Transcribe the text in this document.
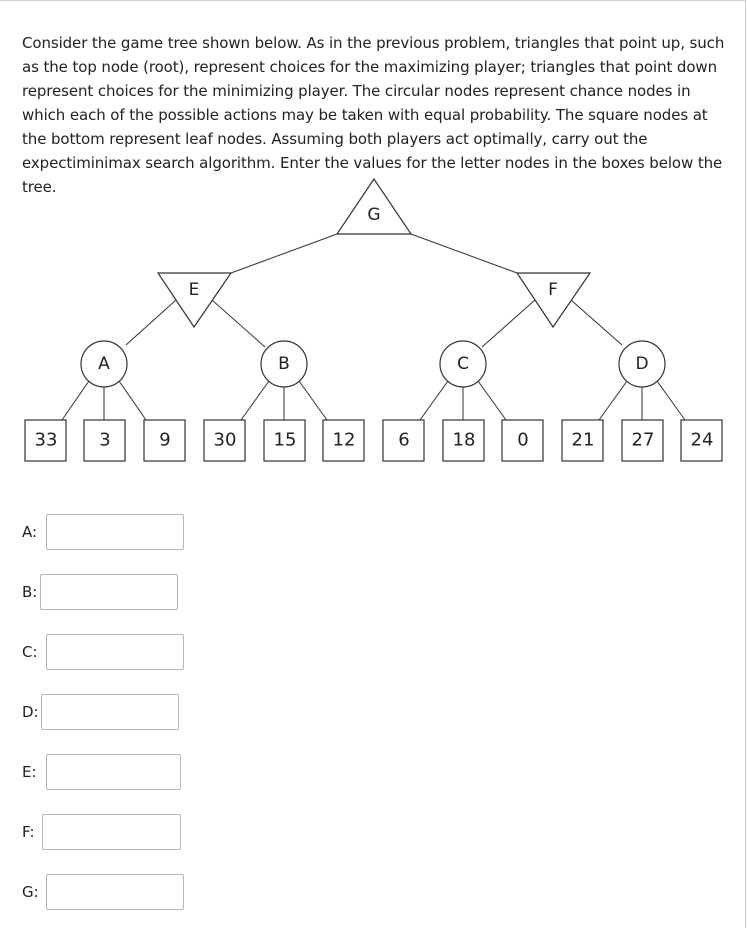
Consider the game tree shown below. As in the previous problem, triangles that point up, such as the top node (root), represent choices for the maximizing player; triangles that point down represent choices for the minimizing player. The circular nodes represent chance nodes in which each of the possible actions may be taken with equal probability. The square nodes at the bottom represent leaf nodes. Assuming both players act optimally, carry out the expectiminimax search algorithm. Enter the values for the letter nodes in the boxes below the tree.

G
E	F
A	B	C	D
33 3	9 30 15 12 6 18 0 21 27 24
A:
B:
C:
D:
E:
F:
G:
